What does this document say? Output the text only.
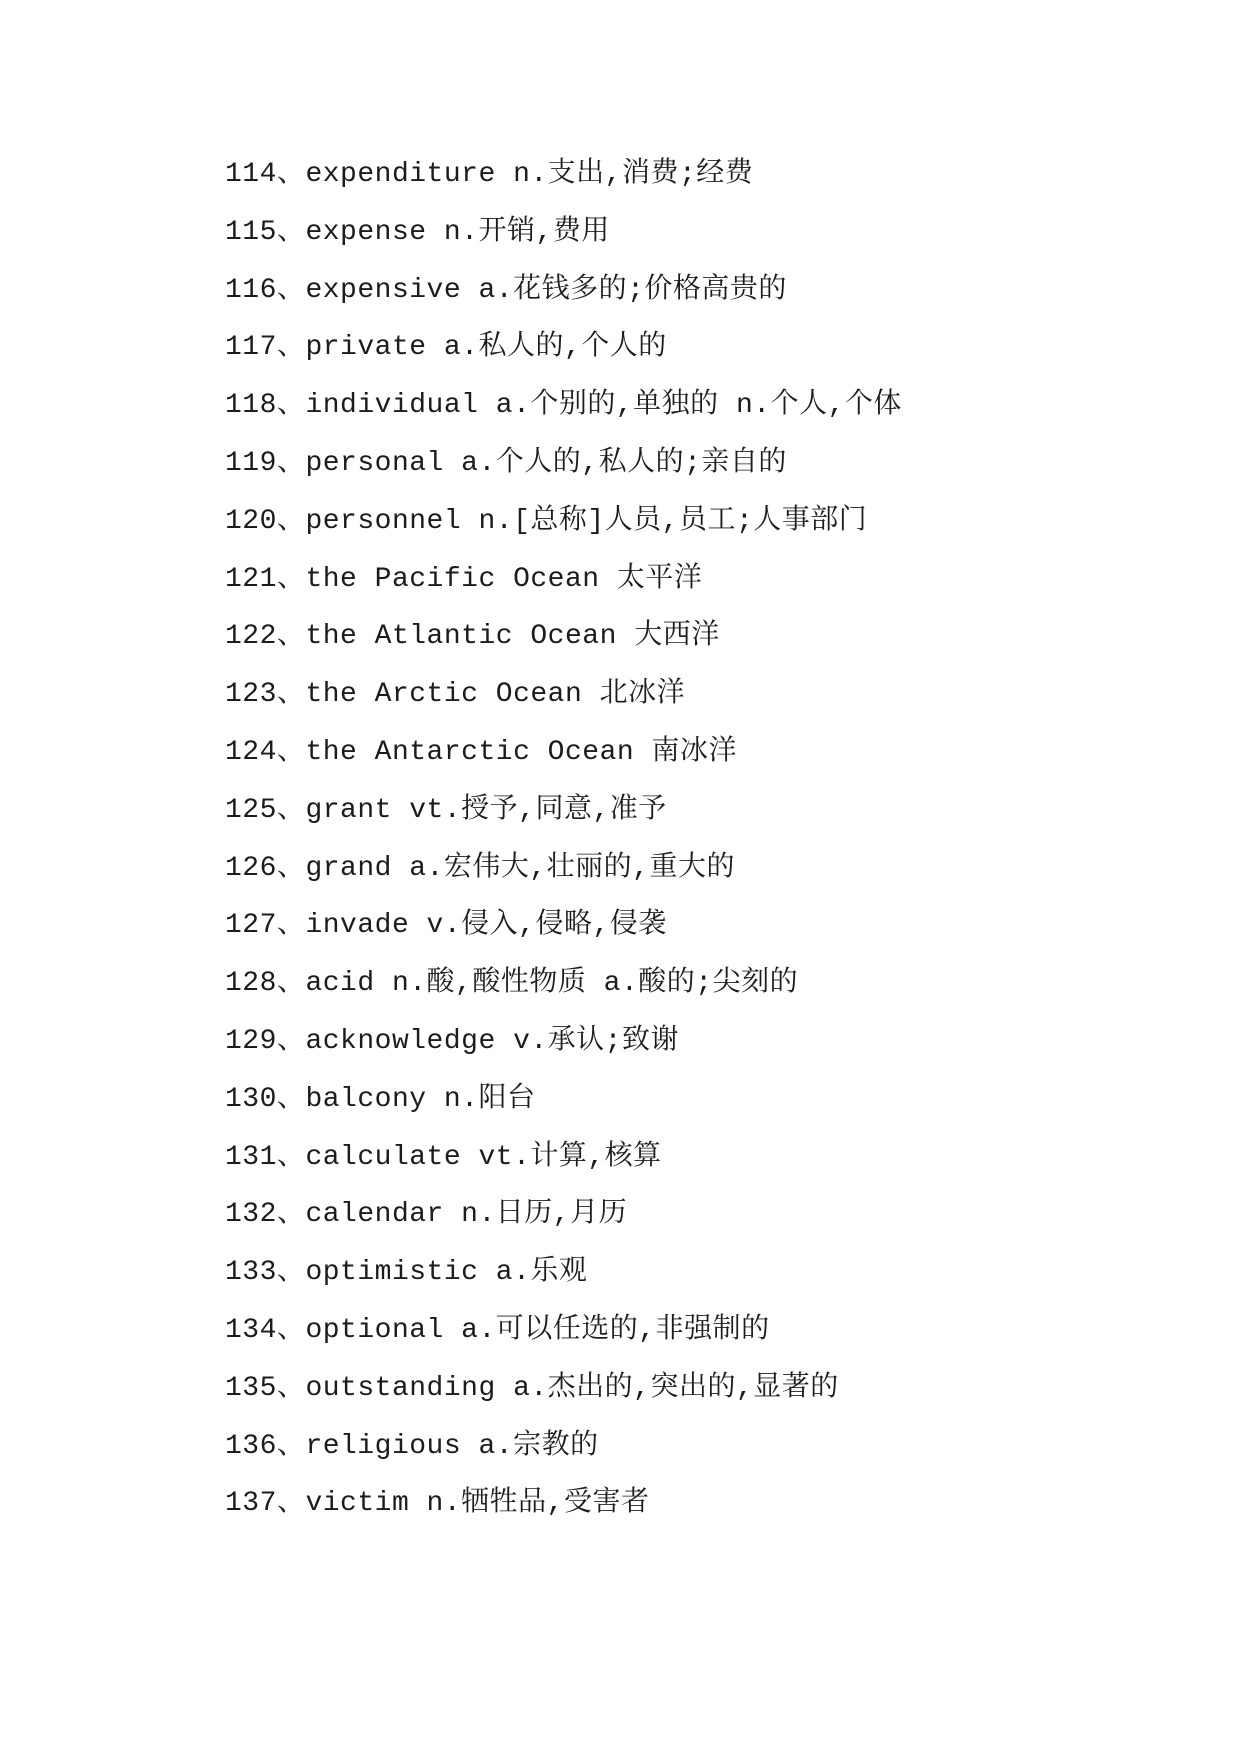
114、expenditure n.支出,消费;经费
115、expense n.开销,费用
116、expensive a.花钱多的;价格高贵的
117、private a.私人的,个人的
118、individual a.个别的,单独的 n.个人,个体
119、personal a.个人的,私人的;亲自的
120、personnel n.[总称]人员,员工;人事部门
121、the Pacific Ocean 太平洋
122、the Atlantic Ocean 大西洋
123、the Arctic Ocean 北冰洋
124、the Antarctic Ocean 南冰洋
125、grant vt.授予,同意,准予
126、grand a.宏伟大,壮丽的,重大的
127、invade v.侵入,侵略,侵袭
128、acid n.酸,酸性物质 a.酸的;尖刻的
129、acknowledge v.承认;致谢
130、balcony n.阳台
131、calculate vt.计算,核算
132、calendar n.日历,月历
133、optimistic a.乐观
134、optional a.可以任选的,非强制的
135、outstanding a.杰出的,突出的,显著的
136、religious a.宗教的
137、victim n.牺牲品,受害者
